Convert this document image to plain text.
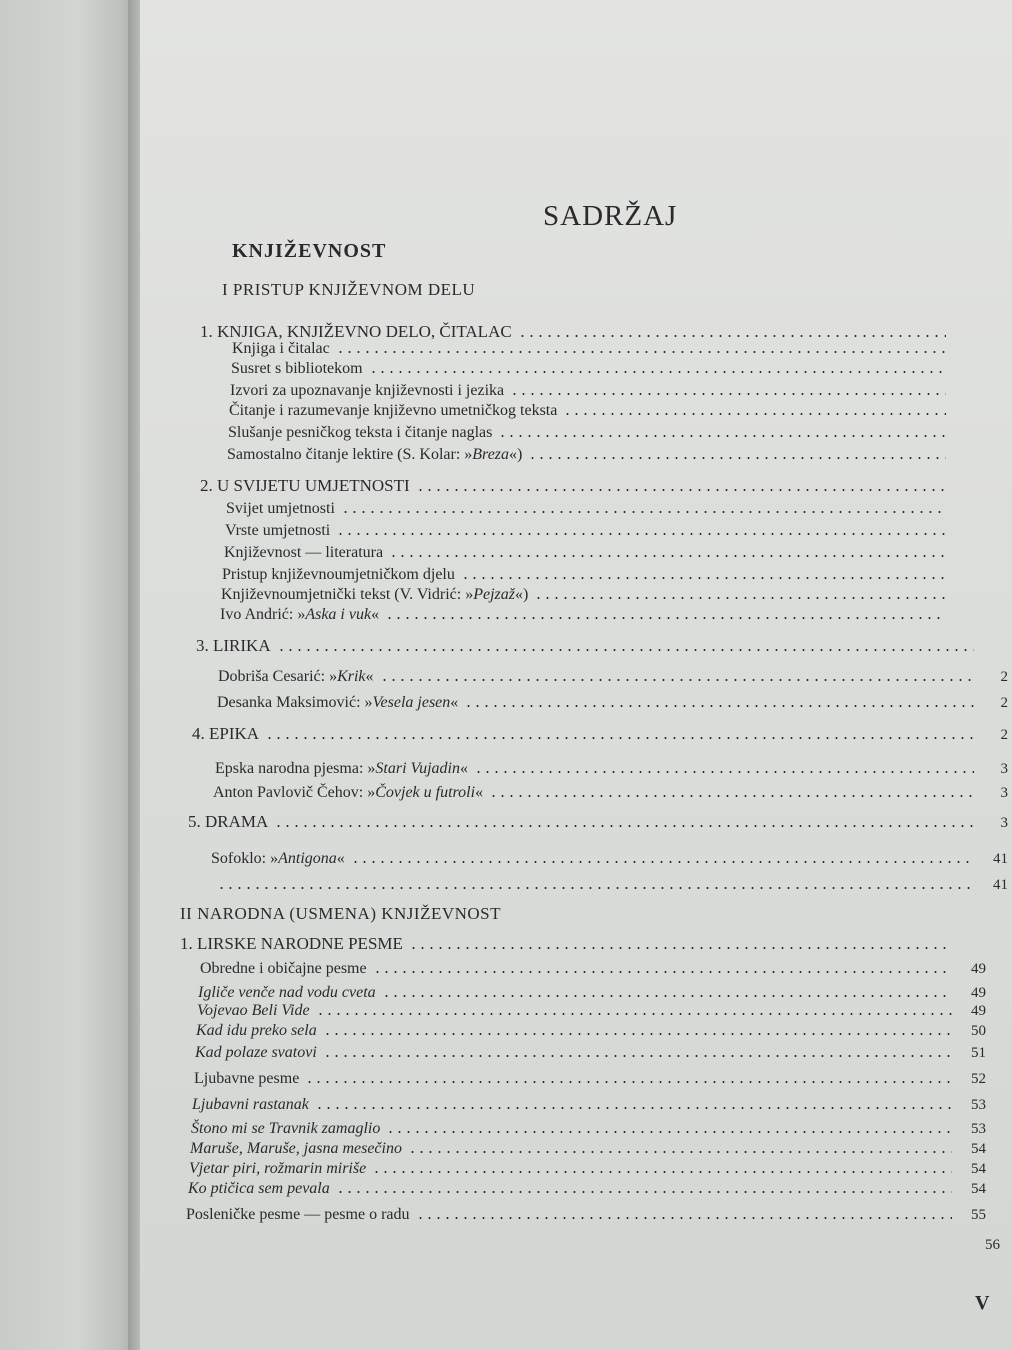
SADRŽAJ
KNJIŽEVNOST
I PRISTUP KNJIŽEVNOM DELU
1. KNJIGA, KNJIŽEVNO DELO, ČITALAC
Knjiga i čitalac
Susret s bibliotekom
Izvori za upoznavanje književnosti i jezika
Čitanje i razumevanje književno umetničkog teksta
Slušanje pesničkog teksta i čitanje naglas
Samostalno čitanje lektire (S. Kolar: »Breza«)
2. U SVIJETU UMJETNOSTI
Svijet umjetnosti
Vrste umjetnosti
Književnost — literatura
Pristup književnoumjetničkom djelu
Književnoumjetnički tekst (V. Vidrić: »Pejzaž«)
Ivo Andrić: »Aska i vuk«
3. LIRIKA
Dobriša Cesarić: »Krik«	2
Desanka Maksimović: »Vesela jesen«	2
4. EPIKA	2
Epska narodna pjesma: »Stari Vujadin«	3
Anton Pavlovič Čehov: »Čovjek u futroli«	3
5. DRAMA	3
Sofoklo: »Antigona«	41
41
II NARODNA (USMENA) KNJIŽEVNOST
1. LIRSKE NARODNE PESME
Obredne i običajne pesme	49
Igliče venče nad vodu cveta	49
Vojevao Beli Vide	49
Kad idu preko sela	50
Kad polaze svatovi	51
Ljubavne pesme	52
Ljubavni rastanak	53
Štono mi se Travnik zamaglio	53
Maruše, Maruše, jasna mesečino	54
Vjetar piri, rožmarin miriše	54
Ko ptičica sem pevala	54
Posleničke pesme — pesme o radu	55
56
V
